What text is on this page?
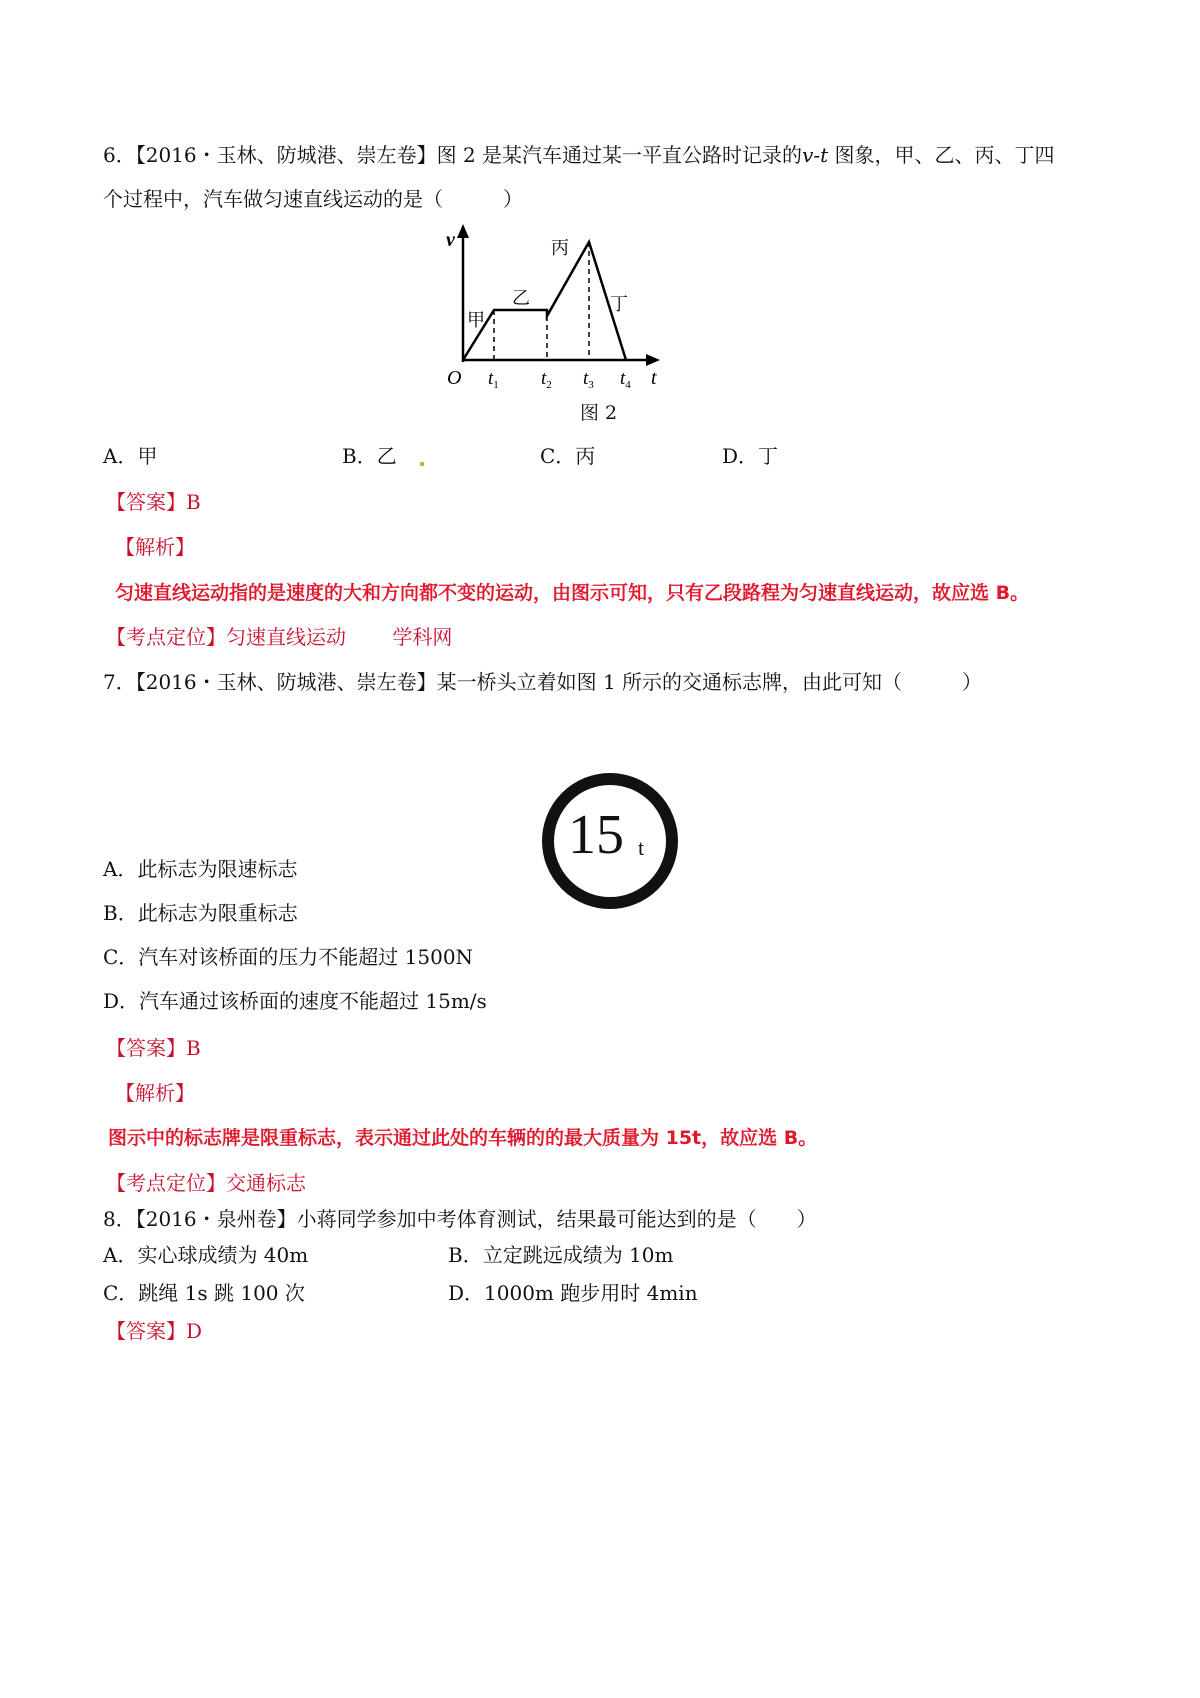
6．【2016・玉林、防城港、崇左卷】图 2 是某汽车通过某一平直公路时记录的v-t 图象，甲、乙、丙、丁四
个过程中，汽车做匀速直线运动的是（　　　）
v
O	t
甲
乙
丙
丁
$t_1$ $t_2$ $t_3$ $t_4$
图 2
A．甲	B．乙	C．丙	D．丁
【答案】B
【解析】
匀速直线运动指的是速度的大和方向都不变的运动，由图示可知，只有乙段路程为匀速直线运动，故应选 B。
【考点定位】匀速直线运动　　 学科网
7．【2016・玉林、防城港、崇左卷】某一桥头立着如图 1 所示的交通标志牌，由此可知（　　　）
15 t
A．此标志为限速标志
B．此标志为限重标志
C．汽车对该桥面的压力不能超过 1500N
D．汽车通过该桥面的速度不能超过 15m/s
【答案】B
【解析】
图示中的标志牌是限重标志，表示通过此处的车辆的的最大质量为 15t，故应选 B。
【考点定位】交通标志
8．【2016・泉州卷】小蒋同学参加中考体育测试，结果最可能达到的是（　　）
A．实心球成绩为 40m	B．立定跳远成绩为 10m
C．跳绳 1s 跳 100 次	D．1000m 跑步用时 4min
【答案】D
